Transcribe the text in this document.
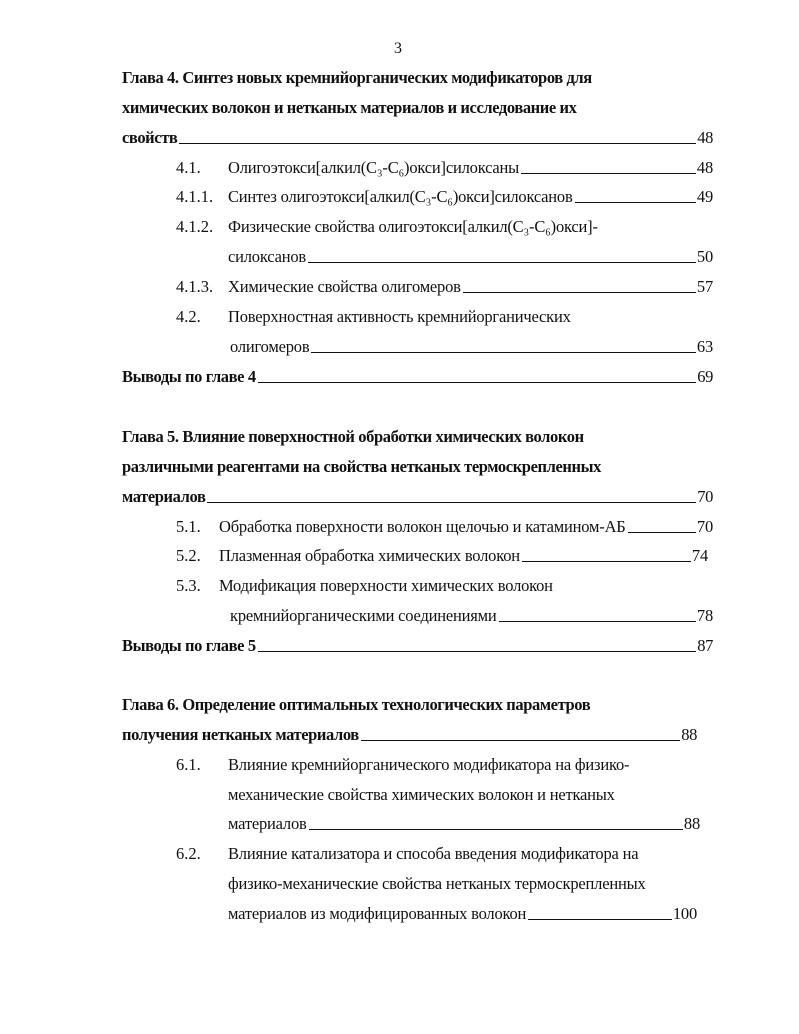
3
Глава 4. Синтез новых кремнийорганических модификаторов для
химических волокон и нетканых материалов и исследование их
свойств	48
4.1. Олигоэтокси[алкил(C₃-C₆)окси]силоксаны	48
4.1.1. Синтез олигоэтокси[алкил(C₃-C₆)окси]силоксанов	49
4.1.2. Физические свойства олигоэтокси[алкил(C₃-C₆)окси]-
силоксанов	50
4.1.3. Химические свойства олигомеров	57
4.2. Поверхностная активность кремнийорганических
олигомеров	63
Выводы по главе 4	69
Глава 5. Влияние поверхностной обработки химических волокон
различными реагентами на свойства нетканых термоскрепленных
материалов	70
5.1. Обработка поверхности волокон щелочью и катамином-АБ	70
5.2. Плазменная обработка химических волокон	74
5.3. Модификация поверхности химических волокон
кремнийорганическими соединениями	78
Выводы по главе 5	87
Глава 6. Определение оптимальных технологических параметров
получения нетканых материалов	88
6.1. Влияние кремнийорганического модификатора на физико-
механические свойства химических волокон и нетканых
материалов	88
6.2. Влияние катализатора и способа введения модификатора на
физико-механические свойства нетканых термоскрепленных
материалов из модифицированных волокон	100
